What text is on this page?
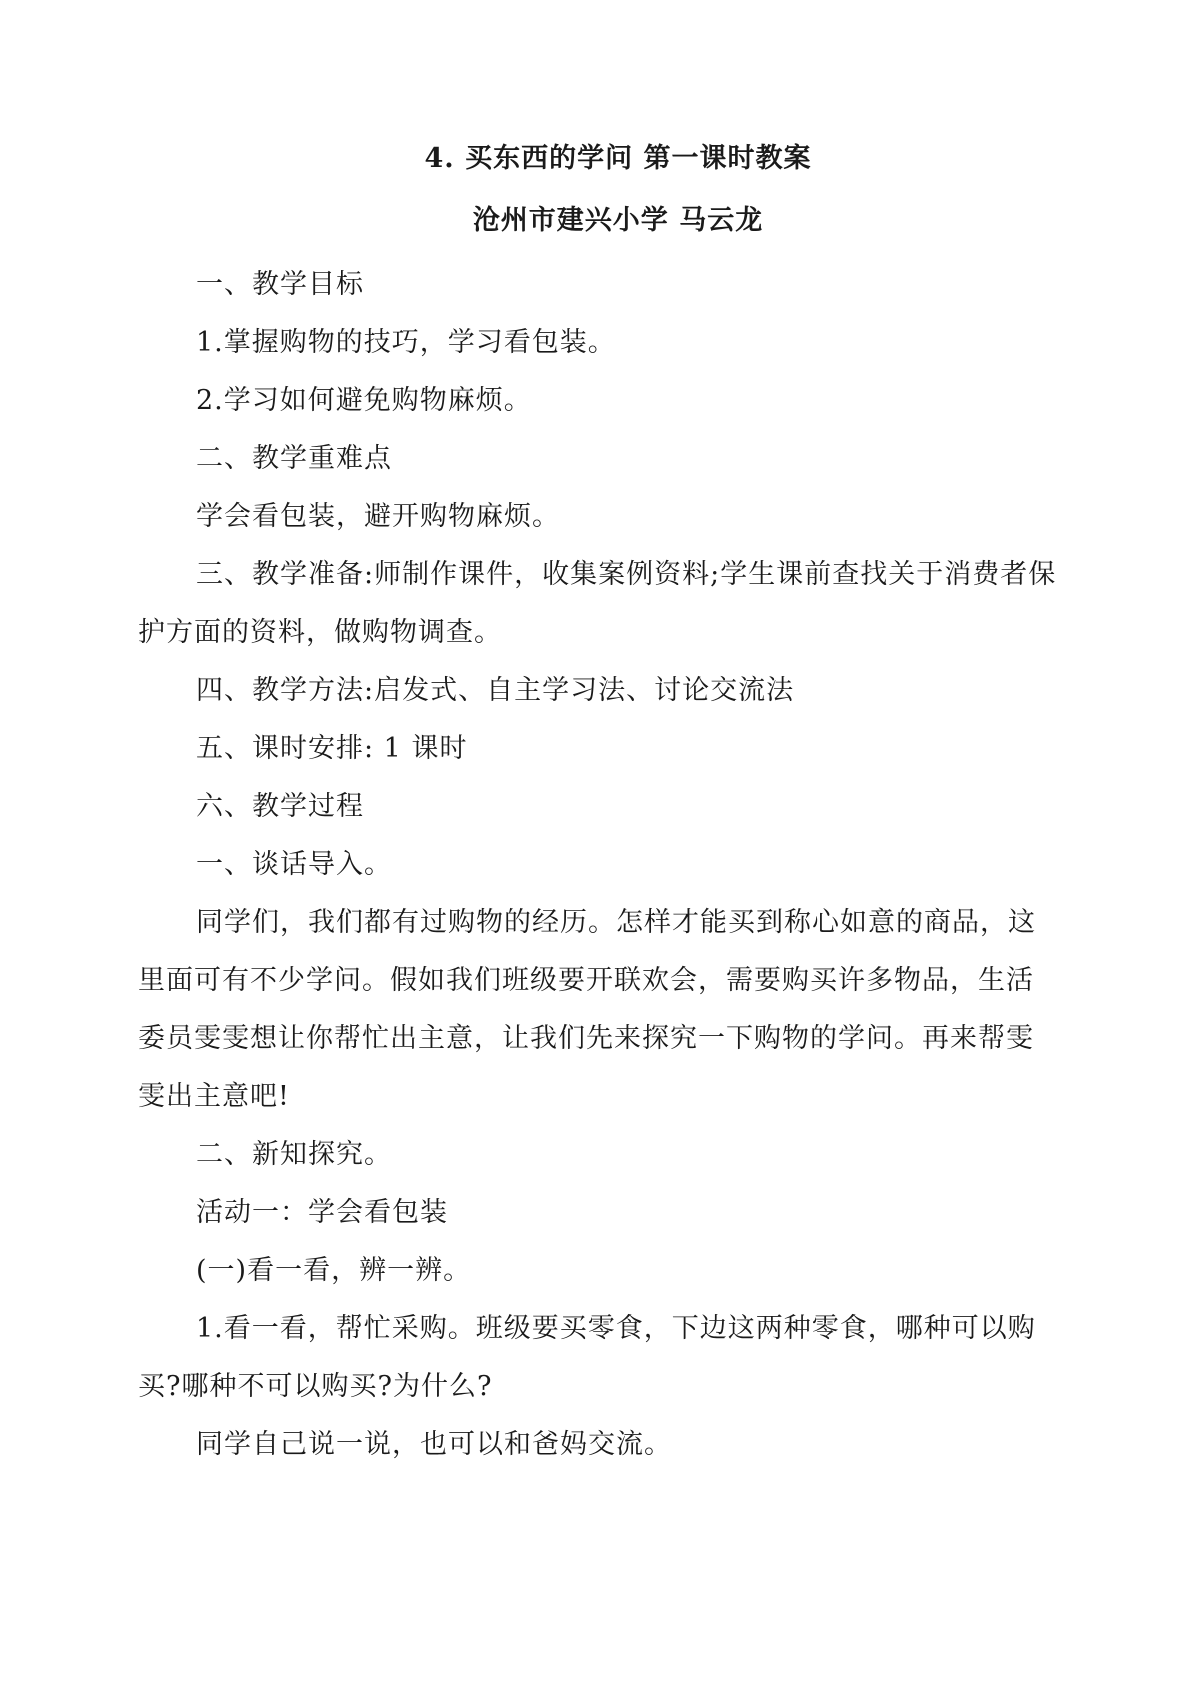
4. 买东西的学问 第一课时教案
沧州市建兴小学 马云龙
一、教学目标
1.掌握购物的技巧，学习看包装。
2.学习如何避免购物麻烦。
二、教学重难点
学会看包装，避开购物麻烦。
三、教学准备:师制作课件，收集案例资料;学生课前查找关于消费者保
护方面的资料，做购物调查。
四、教学方法:启发式、自主学习法、讨论交流法
五、课时安排: 1 课时
六、教学过程
一、谈话导入。
同学们，我们都有过购物的经历。怎样才能买到称心如意的商品，这
里面可有不少学问。假如我们班级要开联欢会，需要购买许多物品，生活
委员雯雯想让你帮忙出主意，让我们先来探究一下购物的学问。再来帮雯
雯出主意吧!
二、新知探究。
活动一：学会看包装
(一)看一看，辨一辨。
1.看一看，帮忙采购。班级要买零食，下边这两种零食，哪种可以购
买?哪种不可以购买?为什么?
同学自己说一说，也可以和爸妈交流。
